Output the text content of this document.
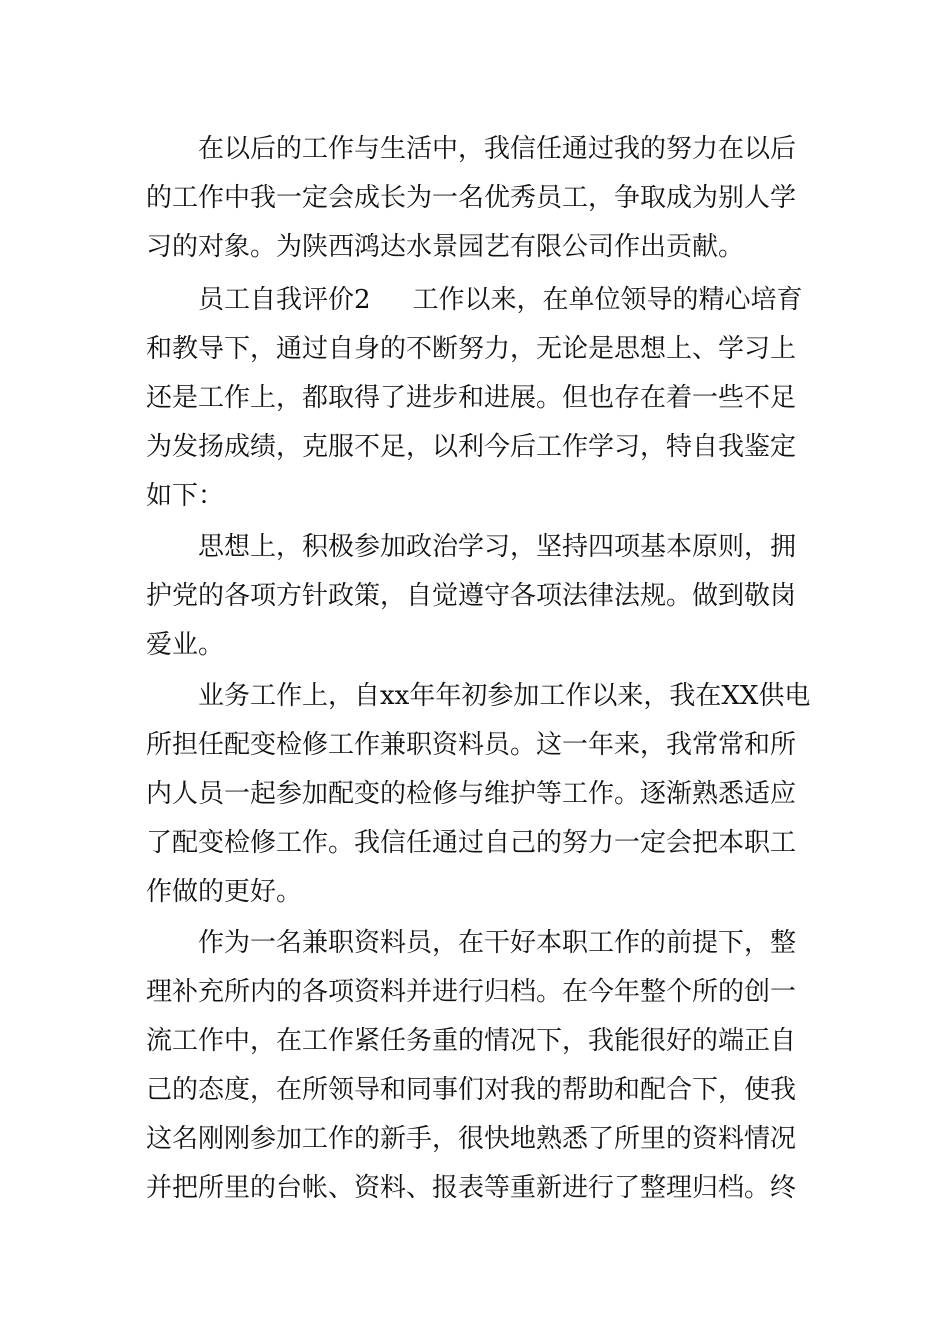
在以后的工作与生活中，我信任通过我的努力在以后

的工作中我一定会成长为一名优秀员工，争取成为别人学

习的对象。为陕西鸿达水景园艺有限公司作出贡献。

员工自我评价2 工作以来，在单位领导的精心培育

和教导下，通过自身的不断努力，无论是思想上、学习上

还是工作上，都取得了进步和进展。但也存在着一些不足

为发扬成绩，克服不足，以利今后工作学习，特自我鉴定

如下：

思想上，积极参加政治学习，坚持四项基本原则，拥

护党的各项方针政策，自觉遵守各项法律法规。做到敬岗

爱业。

业务工作上，自xx年年初参加工作以来，我在XX供电

所担任配变检修工作兼职资料员。这一年来，我常常和所

内人员一起参加配变的检修与维护等工作。逐渐熟悉适应

了配变检修工作。我信任通过自己的努力一定会把本职工

作做的更好。

作为一名兼职资料员，在干好本职工作的前提下，整

理补充所内的各项资料并进行归档。在今年整个所的创一

流工作中，在工作紧任务重的情况下，我能很好的端正自

己的态度，在所领导和同事们对我的帮助和配合下，使我

这名刚刚参加工作的新手，很快地熟悉了所里的资料情况

并把所里的台帐、资料、报表等重新进行了整理归档。终
